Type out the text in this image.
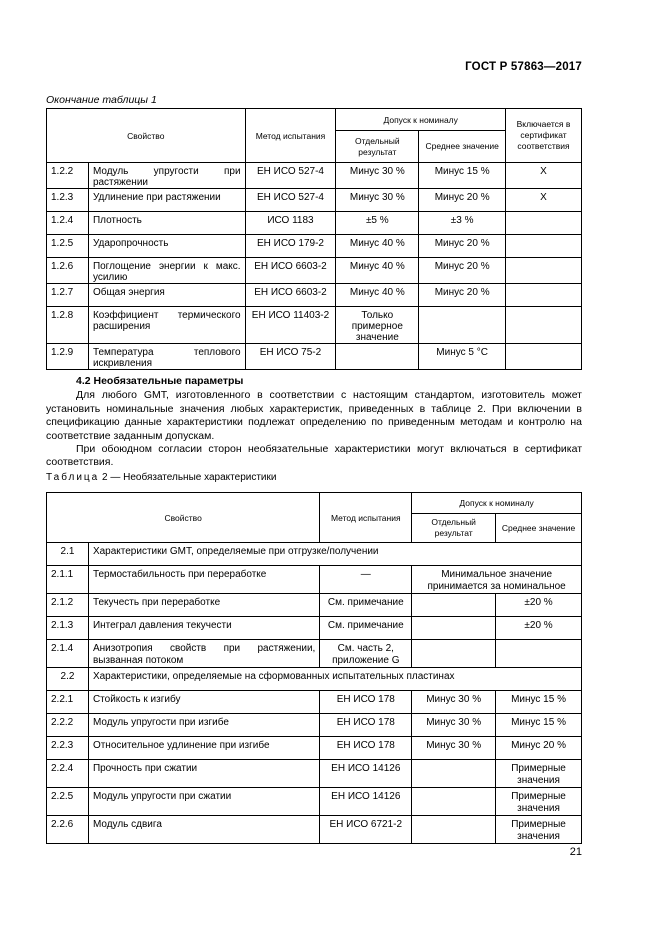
ГОСТ Р 57863—2017
Окончание таблицы 1
Свойство		Метод испытания	Допуск к номиналу		Включается в сертификат соответствия
			Отдельный результат	Среднее значение	
1.2.2	Модуль упругости при растяжении	ЕН ИСО 527-4	Минус 30 %	Минус 15 %	X
1.2.3	Удлинение при растяжении	ЕН ИСО 527-4	Минус 30 %	Минус 20 %	X
1.2.4	Плотность	ИСО 1183	±5 %	±3 %	
1.2.5	Ударопрочность	ЕН ИСО 179-2	Минус 40 %	Минус 20 %	
1.2.6	Поглощение энергии к макс. усилию	ЕН ИСО 6603-2	Минус 40 %	Минус 20 %	
1.2.7	Общая энергия	ЕН ИСО 6603-2	Минус 40 %	Минус 20 %	
1.2.8	Коэффициент термического расширения	ЕН ИСО 11403-2	Только примерное значение		
1.2.9	Температура теплового искривления	ЕН ИСО 75-2		Минус 5 °С	
4.2 Необязательные параметры

Для любого GMT, изготовленного в соответствии с настоящим стандартом, изготовитель может установить номинальные значения любых характеристик, приведенных в таблице 2. При включении в спецификацию данные характеристики подлежат определению по приведенным методам и контролю на соответствие заданным допускам.

При обоюдном согласии сторон необязательные характеристики могут включаться в сертификат соответствия.

Таблица 2 — Необязательные характеристики
Свойство		Метод испытания	Допуск к номиналу	
			Отдельный результат	Среднее значение
2.1	Характеристики GMT, определяемые при отгрузке/получении			
2.1.1	Термостабильность при переработке	—	Минимальное значение принимается за номинальное	
2.1.2	Текучесть при переработке	См. примечание		±20 %
2.1.3	Интеграл давления текучести	См. примечание		±20 %
2.1.4	Анизотропия свойств при растяжении, вызванная потоком	См. часть 2, приложение G		
2.2	Характеристики, определяемые на сформованных испытательных пластинах			
2.2.1	Стойкость к изгибу	ЕН ИСО 178	Минус 30 %	Минус 15 %
2.2.2	Модуль упругости при изгибе	ЕН ИСО 178	Минус 30 %	Минус 15 %
2.2.3	Относительное удлинение при изгибе	ЕН ИСО 178	Минус 30 %	Минус 20 %
2.2.4	Прочность при сжатии	ЕН ИСО 14126		Примерные значения
2.2.5	Модуль упругости при сжатии	ЕН ИСО 14126		Примерные значения
2.2.6	Модуль сдвига	ЕН ИСО 6721-2		Примерные значения
21
